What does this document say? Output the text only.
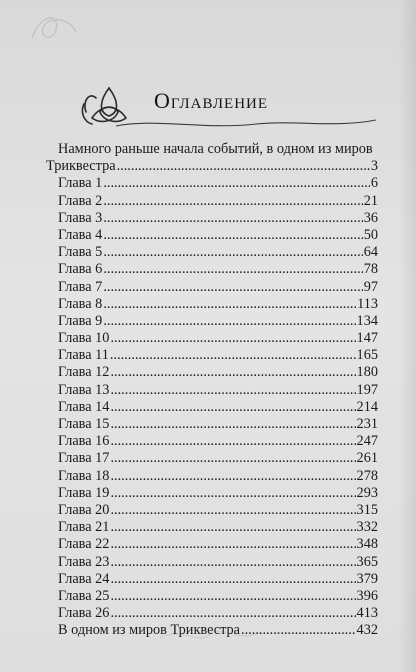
Оглавление
Намного раньше начала событий, в одном из миров
Триквестра .....	3
Глава 1 .....	6
Глава 2 .....	21
Глава 3 .....	36
Глава 4 .....	50
Глава 5 .....	64
Глава 6 .....	78
Глава 7 .....	97
Глава 8 .....	113
Глава 9 .....	134
Глава 10 .....	147
Глава 11 .....	165
Глава 12 .....	180
Глава 13 .....	197
Глава 14 .....	214
Глава 15 .....	231
Глава 16 .....	247
Глава 17 .....	261
Глава 18 .....	278
Глава 19 .....	293
Глава 20 .....	315
Глава 21 .....	332
Глава 22 .....	348
Глава 23 .....	365
Глава 24 .....	379
Глава 25 .....	396
Глава 26 .....	413
В одном из миров Триквестра .....	432
